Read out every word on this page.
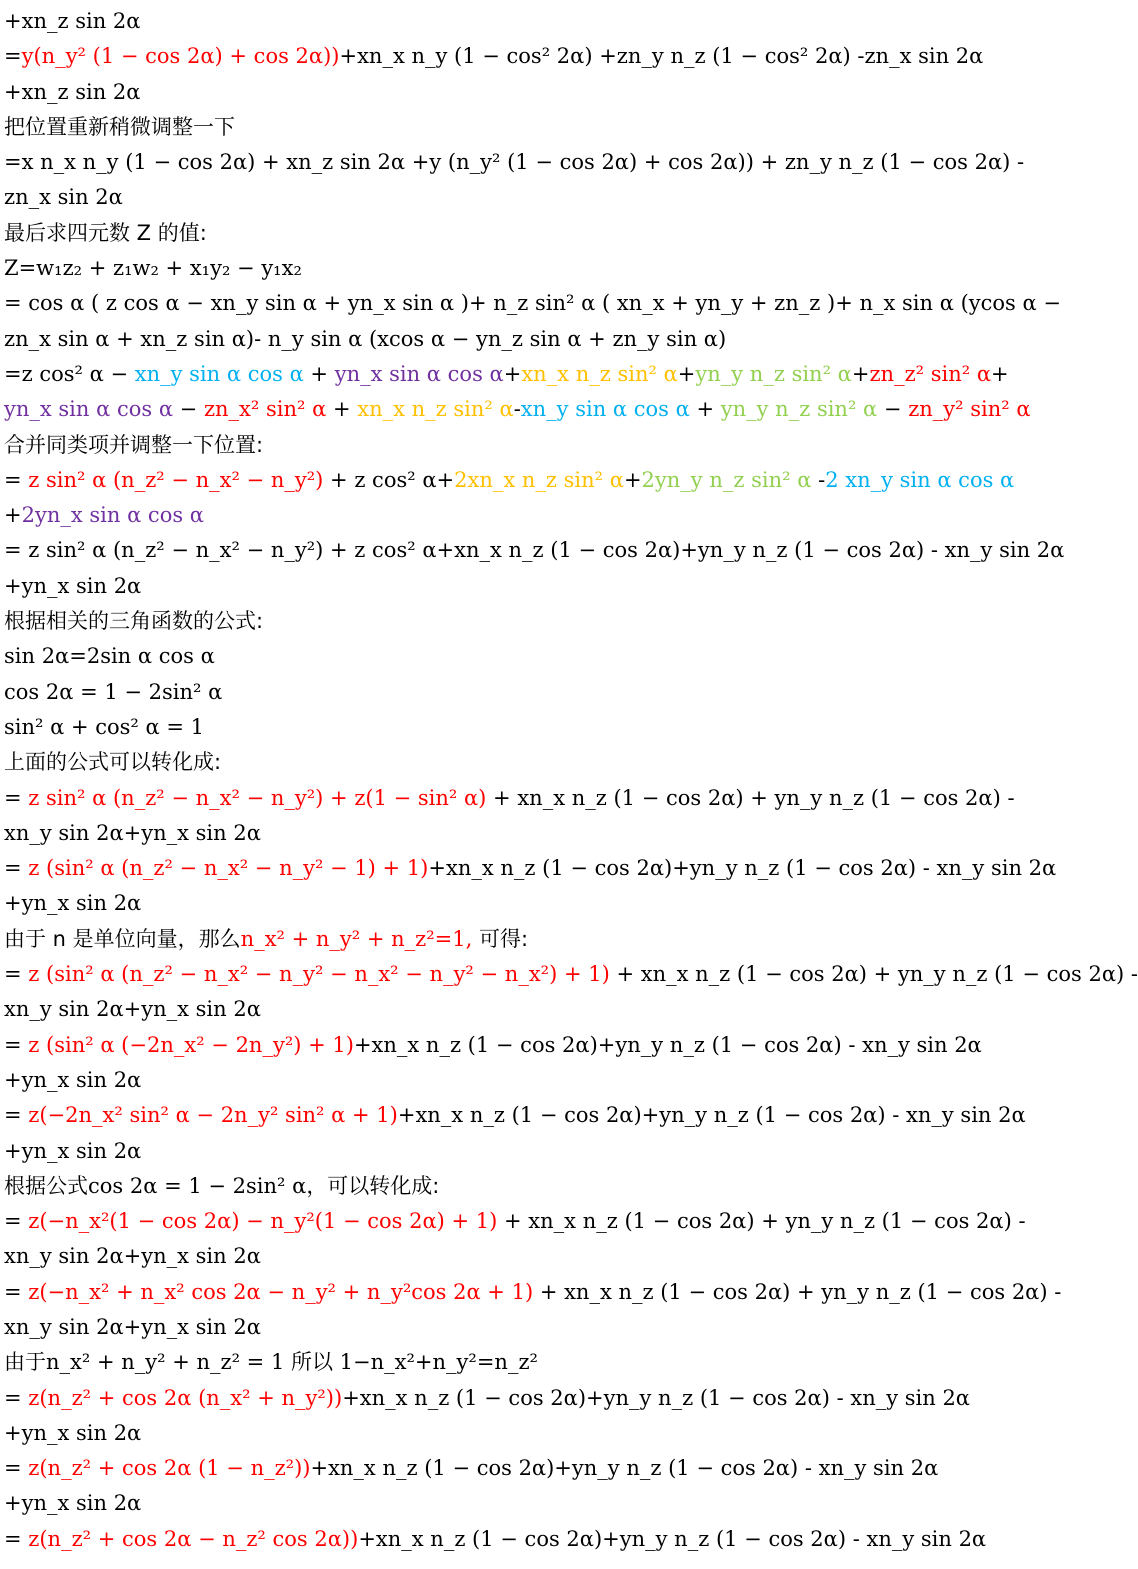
+xn_z sin 2α
=y(n_y² (1 − cos 2α) + cos 2α))+xn_x n_y (1 − cos² 2α) +zn_y n_z (1 − cos² 2α) -zn_x sin 2α
+xn_z sin 2α
把位置重新稍微调整一下
=x n_x n_y (1 − cos 2α) + xn_z sin 2α +y (n_y² (1 − cos 2α) + cos 2α)) + zn_y n_z (1 − cos 2α) -
zn_x sin 2α
最后求四元数 Z 的值:
Z=w₁z₂ + z₁w₂ + x₁y₂ − y₁x₂
= cos α ( z cos α − xn_y sin α + yn_x sin α )+ n_z sin² α ( xn_x + yn_y + zn_z )+ n_x sin α (ycos α −
zn_x sin α + xn_z sin α)- n_y sin α (xcos α − yn_z sin α + zn_y sin α)
=z cos² α − xn_y sin α cos α + yn_x sin α cos α+xn_x n_z sin² α+yn_y n_z sin² α+zn_z² sin² α+
yn_x sin α cos α − zn_x² sin² α + xn_x n_z sin² α-xn_y sin α cos α + yn_y n_z sin² α − zn_y² sin² α
合并同类项并调整一下位置:
= z sin² α (n_z² − n_x² − n_y²) + z cos² α+2xn_x n_z sin² α+2yn_y n_z sin² α -2 xn_y sin α cos α
+2yn_x sin α cos α
= z sin² α (n_z² − n_x² − n_y²) + z cos² α+xn_x n_z (1 − cos 2α)+yn_y n_z (1 − cos 2α) - xn_y sin 2α
+yn_x sin 2α
根据相关的三角函数的公式:
sin 2α=2sin α cos α
cos 2α = 1 − 2sin² α
sin² α + cos² α = 1
上面的公式可以转化成:
= z sin² α (n_z² − n_x² − n_y²) + z(1 − sin² α) + xn_x n_z (1 − cos 2α) + yn_y n_z (1 − cos 2α) -
xn_y sin 2α+yn_x sin 2α
= z (sin² α (n_z² − n_x² − n_y² − 1) + 1)+xn_x n_z (1 − cos 2α)+yn_y n_z (1 − cos 2α) - xn_y sin 2α
+yn_x sin 2α
由于 n 是单位向量，那么n_x² + n_y² + n_z²=1, 可得:
= z (sin² α (n_z² − n_x² − n_y² − n_x² − n_y² − n_x²) + 1) + xn_x n_z (1 − cos 2α) + yn_y n_z (1 − cos 2α) -
xn_y sin 2α+yn_x sin 2α
= z (sin² α (−2n_x² − 2n_y²) + 1)+xn_x n_z (1 − cos 2α)+yn_y n_z (1 − cos 2α) - xn_y sin 2α
+yn_x sin 2α
= z(−2n_x² sin² α − 2n_y² sin² α + 1)+xn_x n_z (1 − cos 2α)+yn_y n_z (1 − cos 2α) - xn_y sin 2α
+yn_x sin 2α
根据公式cos 2α = 1 − 2sin² α，可以转化成:
= z(−n_x²(1 − cos 2α) − n_y²(1 − cos 2α) + 1) + xn_x n_z (1 − cos 2α) + yn_y n_z (1 − cos 2α) -
xn_y sin 2α+yn_x sin 2α
= z(−n_x² + n_x² cos 2α − n_y² + n_y²cos 2α + 1) + xn_x n_z (1 − cos 2α) + yn_y n_z (1 − cos 2α) -
xn_y sin 2α+yn_x sin 2α
由于n_x² + n_y² + n_z² = 1 所以 1−n_x²+n_y²=n_z²
= z(n_z² + cos 2α (n_x² + n_y²))+xn_x n_z (1 − cos 2α)+yn_y n_z (1 − cos 2α) - xn_y sin 2α
+yn_x sin 2α
= z(n_z² + cos 2α (1 − n_z²))+xn_x n_z (1 − cos 2α)+yn_y n_z (1 − cos 2α) - xn_y sin 2α
+yn_x sin 2α
= z(n_z² + cos 2α − n_z² cos 2α))+xn_x n_z (1 − cos 2α)+yn_y n_z (1 − cos 2α) - xn_y sin 2α
